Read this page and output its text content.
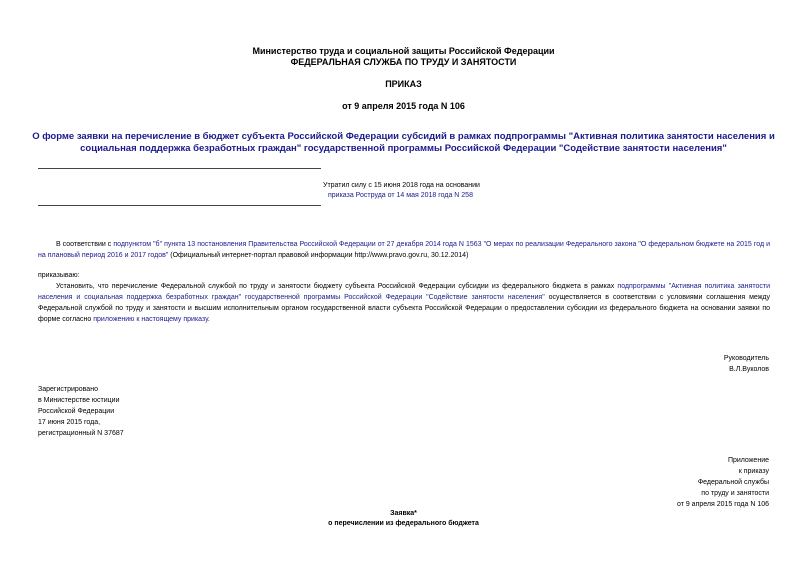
Министерство труда и социальной защиты Российской Федерации
ФЕДЕРАЛЬНАЯ СЛУЖБА ПО ТРУДУ И ЗАНЯТОСТИ
ПРИКАЗ
от 9 апреля 2015 года N 106
О форме заявки на перечисление в бюджет субъекта Российской Федерации субсидий в рамках подпрограммы "Активная политика занятости населения и
социальная поддержка безработных граждан" государственной программы Российской Федерации "Содействие занятости населения"
Утратил силу с 15 июня 2018 года на основании
приказа Роструда от 14 мая 2018 года N 258
В соответствии с подпунктом "б" пункта 13 постановления Правительства Российской Федерации от 27 декабря 2014 года N 1563 "О мерах по реализации Федерального закона "О федеральном бюджете на 2015 год и на плановый период 2016 и 2017 годов" (Официальный интернет-портал правовой информации http://www.pravo.gov.ru, 30.12.2014)
приказываю:
Установить, что перечисление Федеральной службой по труду и занятости бюджету субъекта Российской Федерации субсидии из федерального бюджета в рамках подпрограммы "Активная политика занятости населения и социальная поддержка безработных граждан" государственной программы Российской Федерации "Содействие занятости населения" осуществляется в соответствии с условиями соглашения между Федеральной службой по труду и занятости и высшим исполнительным органом государственной власти субъекта Российской Федерации о предоставлении субсидии из федерального бюджета на основании заявки по форме согласно приложению к настоящему приказу.
Руководитель
В.Л.Вуколов
Зарегистрировано
в Министерстве юстиции
Российской Федерации
17 июня 2015 года,
регистрационный N 37687
Приложение
к приказу
Федеральной службы
по труду и занятости
от 9 апреля 2015 года N 106
Заявка*
о перечислении из федерального бюджета
